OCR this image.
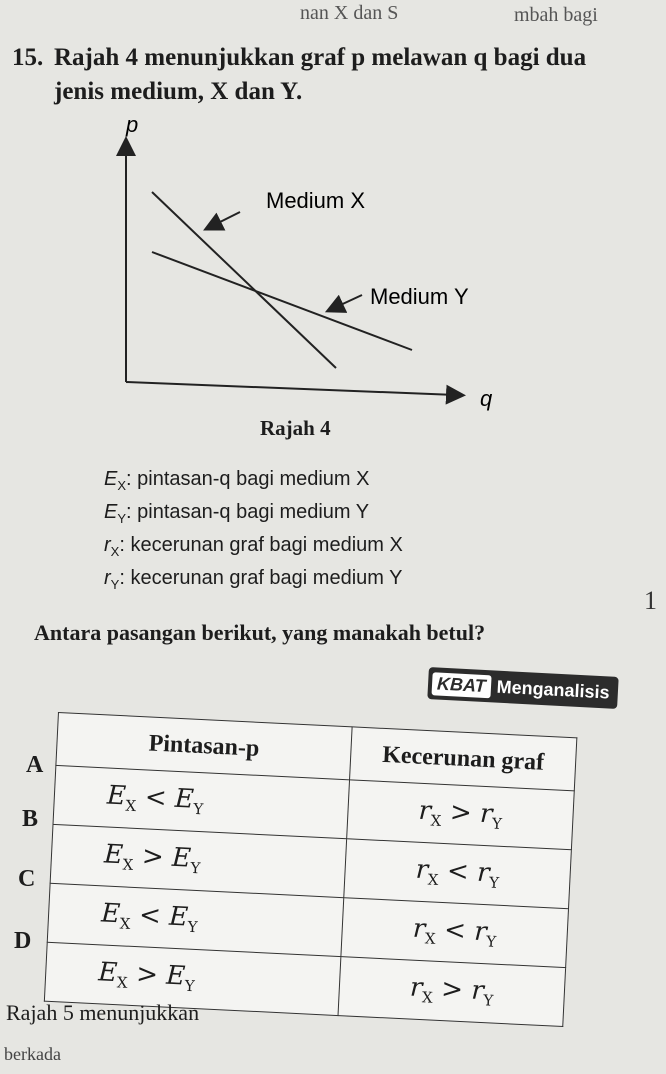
nan X dan S	mbah bagi
15. Rajah 4 menunjukkan graf p melawan q bagi dua
jenis medium, X dan Y.
p
q
Medium X
Medium Y
Rajah 4
$E_X$: pintasan-q bagi medium X
$E_Y$: pintasan-q bagi medium Y
$r_X$: kecerunan graf bagi medium X
$r_Y$: kecerunan graf bagi medium Y
1
Antara pasangan berikut, yang manakah betul?
KBAT Menganalisis
A
B
C
D
Pintasan-p	Kecerunan graf
$E_X < E_Y$	$r_X > r_Y$
$E_X > E_Y$	$r_X < r_Y$
$E_X < E_Y$	$r_X < r_Y$
$E_X > E_Y$	$r_X > r_Y$
Rajah 5 menunjukkan
berkada
